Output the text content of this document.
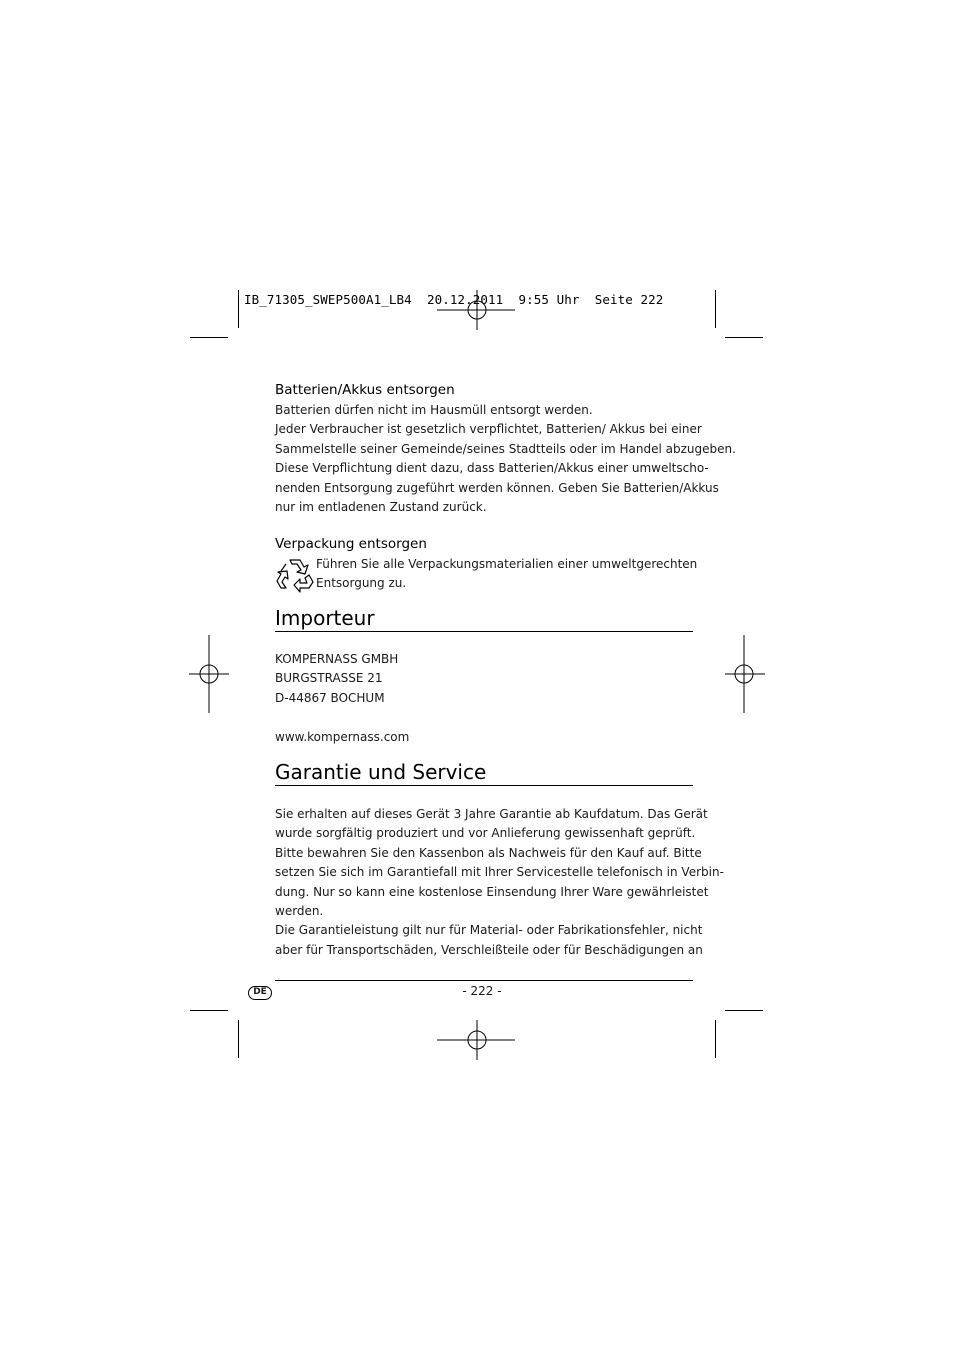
IB_71305_SWEP500A1_LB4  20.12.2011  9:55 Uhr  Seite 222
Batterien/Akkus entsorgen
Batterien dürfen nicht im Hausmüll entsorgt werden.
Jeder Verbraucher ist gesetzlich verpflichtet, Batterien/ Akkus bei einer
Sammelstelle seiner Gemeinde/seines Stadtteils oder im Handel abzugeben.
Diese Verpflichtung dient dazu, dass Batterien/Akkus einer umweltscho-
nenden Entsorgung zugeführt werden können. Geben Sie Batterien/Akkus
nur im entladenen Zustand zurück.
Verpackung entsorgen
Führen Sie alle Verpackungsmaterialien einer umweltgerechten
Entsorgung zu.
Importeur
KOMPERNASS GMBH
BURGSTRASSE 21
D-44867 BOCHUM
www.kompernass.com
Garantie und Service
Sie erhalten auf dieses Gerät 3 Jahre Garantie ab Kaufdatum. Das Gerät
wurde sorgfältig produziert und vor Anlieferung gewissenhaft geprüft.
Bitte bewahren Sie den Kassenbon als Nachweis für den Kauf auf. Bitte
setzen Sie sich im Garantiefall mit Ihrer Servicestelle telefonisch in Verbin-
dung. Nur so kann eine kostenlose Einsendung Ihrer Ware gewährleistet
werden.
Die Garantieleistung gilt nur für Material- oder Fabrikationsfehler, nicht
aber für Transportschäden, Verschleißteile oder für Beschädigungen an
DE	- 222 -
